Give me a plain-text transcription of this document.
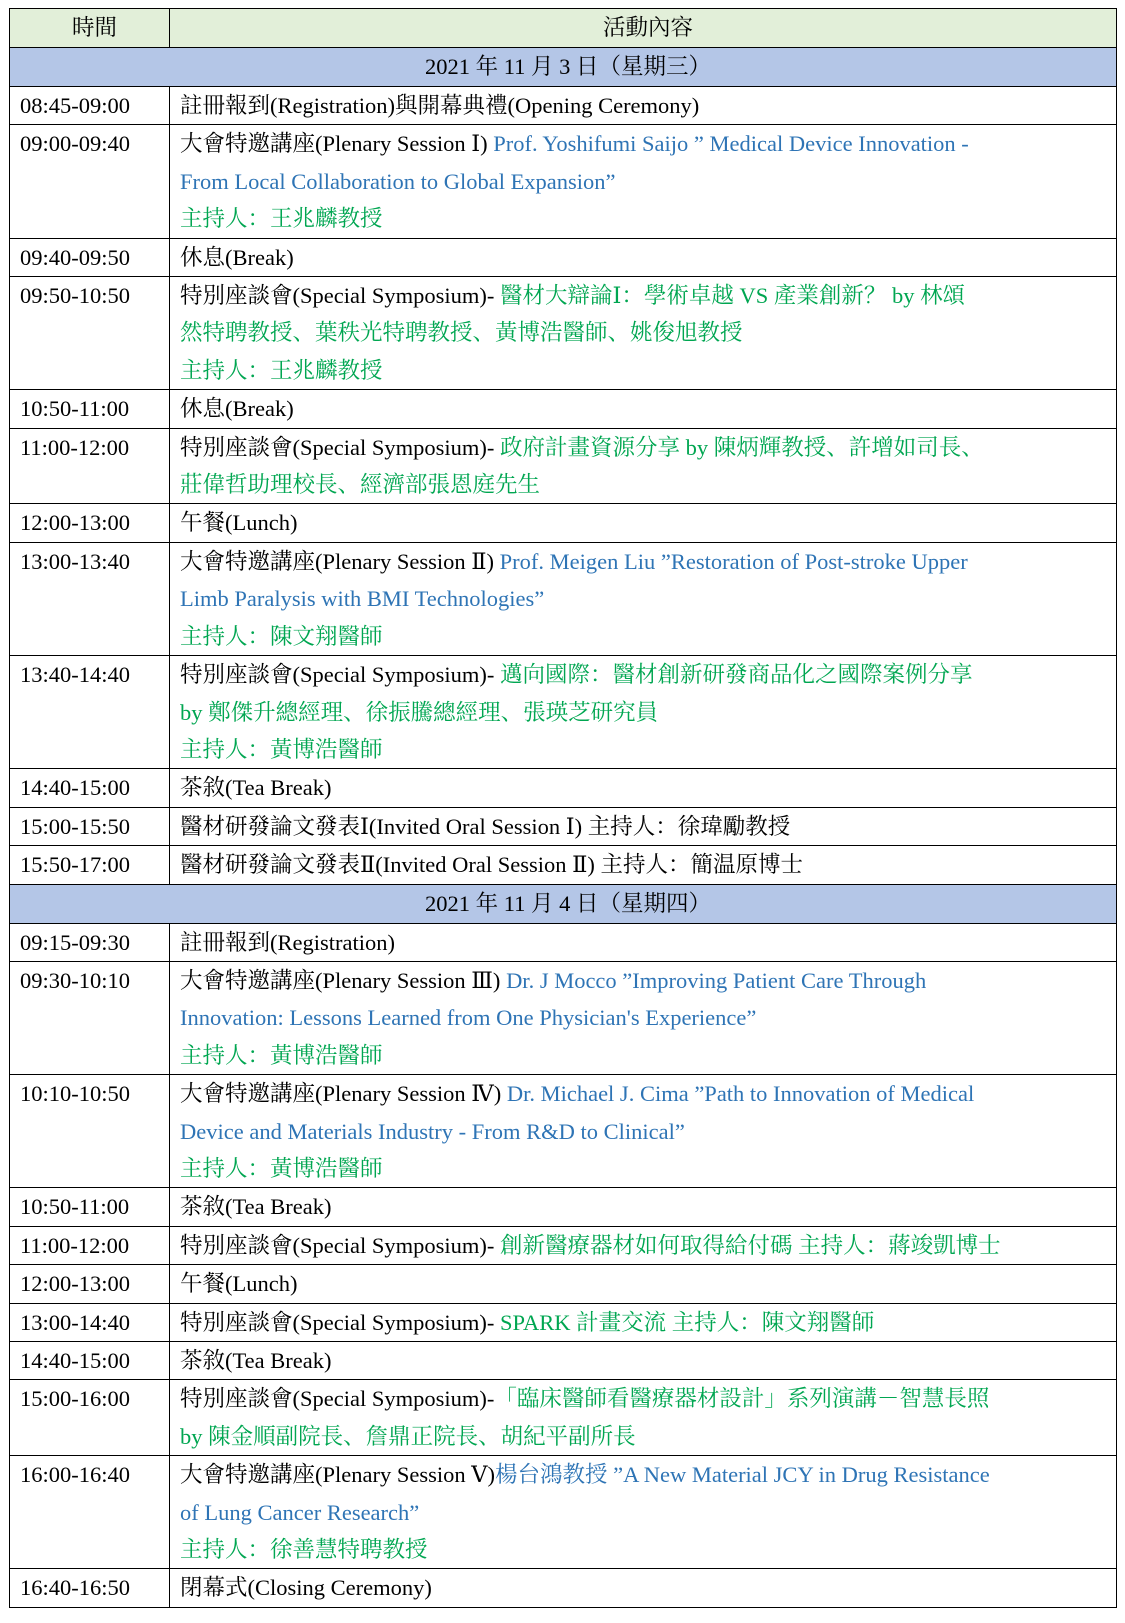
時間	活動內容
2021 年 11 月 3 日（星期三）	
08:45-09:00	註冊報到(Registration)與開幕典禮(Opening Ceremony)

09:00-09:40	大會特邀講座(Plenary Session Ⅰ) Prof. Yoshifumi Saijo ” Medical Device Innovation -
From Local Collaboration to Global Expansion”
主持人：王兆麟教授

09:40-09:50	休息(Break)

09:50-10:50	特別座談會(Special Symposium)- 醫材大辯論Ⅰ：學術卓越 VS 產業創新？ by 林頌
然特聘教授、葉秩光特聘教授、黃博浩醫師、姚俊旭教授
主持人：王兆麟教授

10:50-11:00	休息(Break)

11:00-12:00	特別座談會(Special Symposium)- 政府計畫資源分享 by 陳炳輝教授、許增如司長、
莊偉哲助理校長、經濟部張恩庭先生

12:00-13:00	午餐(Lunch)

13:00-13:40	大會特邀講座(Plenary Session Ⅱ) Prof. Meigen Liu ”Restoration of Post-stroke Upper
Limb Paralysis with BMI Technologies”
主持人：陳文翔醫師

13:40-14:40	特別座談會(Special Symposium)- 邁向國際：醫材創新研發商品化之國際案例分享
by 鄭傑升總經理、徐振騰總經理、張瑛芝研究員
主持人：黃博浩醫師

14:40-15:00	茶敘(Tea Break)

15:00-15:50	醫材研發論文發表Ⅰ(Invited Oral Session Ⅰ) 主持人：徐瑋勵教授

15:50-17:00	醫材研發論文發表Ⅱ(Invited Oral Session Ⅱ) 主持人：簡温原博士

2021 年 11 月 4 日（星期四）	
09:15-09:30	註冊報到(Registration)

09:30-10:10	大會特邀講座(Plenary Session Ⅲ) Dr. J Mocco ”Improving Patient Care Through
Innovation: Lessons Learned from One Physician's Experience”
主持人：黃博浩醫師

10:10-10:50	大會特邀講座(Plenary Session Ⅳ) Dr. Michael J. Cima ”Path to Innovation of Medical
Device and Materials Industry - From R&D to Clinical”
主持人：黃博浩醫師

10:50-11:00	茶敘(Tea Break)

11:00-12:00	特別座談會(Special Symposium)- 創新醫療器材如何取得給付碼 主持人：蔣竣凱博士

12:00-13:00	午餐(Lunch)

13:00-14:40	特別座談會(Special Symposium)- SPARK 計畫交流 主持人：陳文翔醫師

14:40-15:00	茶敘(Tea Break)

15:00-16:00	特別座談會(Special Symposium)-「臨床醫師看醫療器材設計」系列演講－智慧長照
by 陳金順副院長、詹鼎正院長、胡紀平副所長

16:00-16:40	大會特邀講座(Plenary Session Ⅴ)楊台鴻教授 ”A New Material JCY in Drug Resistance
of Lung Cancer Research”
主持人：徐善慧特聘教授

16:40-16:50	閉幕式(Closing Ceremony)
